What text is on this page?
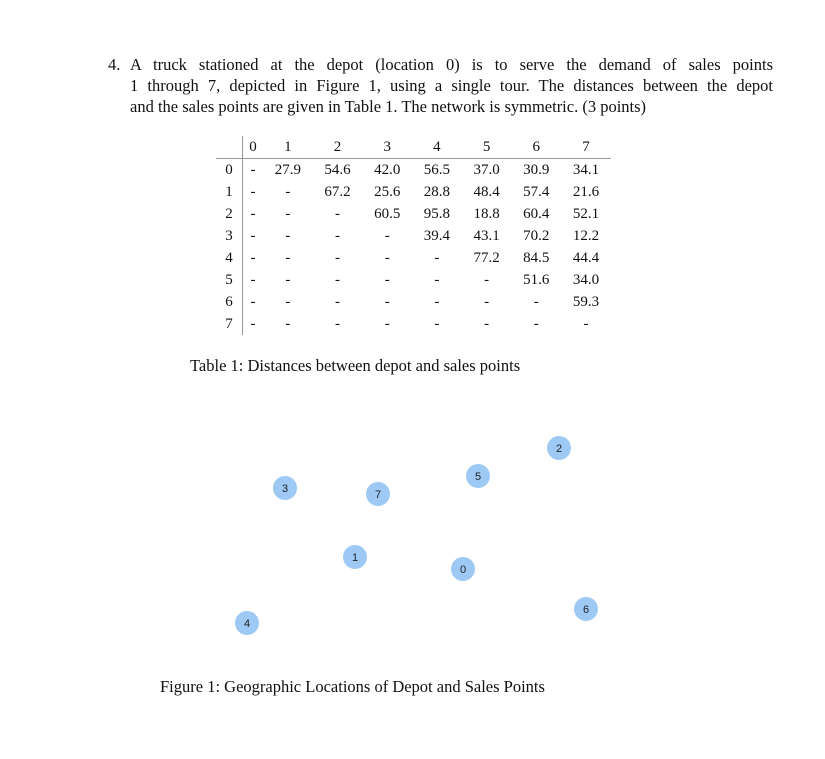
4. A truck stationed at the depot (location 0) is to serve the demand of sales points
1 through 7, depicted in Figure 1, using a single tour. The distances between the depot
and the sales points are given in Table 1. The network is symmetric. (3 points)
	0	1	2	3	4	5	6	7
0	-	27.9	54.6	42.0	56.5	37.0	30.9	34.1
1	-	-	67.2	25.6	28.8	48.4	57.4	21.6
2	-	-	-	60.5	95.8	18.8	60.4	52.1
3	-	-	-	-	39.4	43.1	70.2	12.2
4	-	-	-	-	-	77.2	84.5	44.4
5	-	-	-	-	-	-	51.6	34.0
6	-	-	-	-	-	-	-	59.3
7	-	-	-	-	-	-	-	-
Table 1: Distances between depot and sales points
0
1
2
3
4
5
6
7
Figure 1: Geographic Locations of Depot and Sales Points
